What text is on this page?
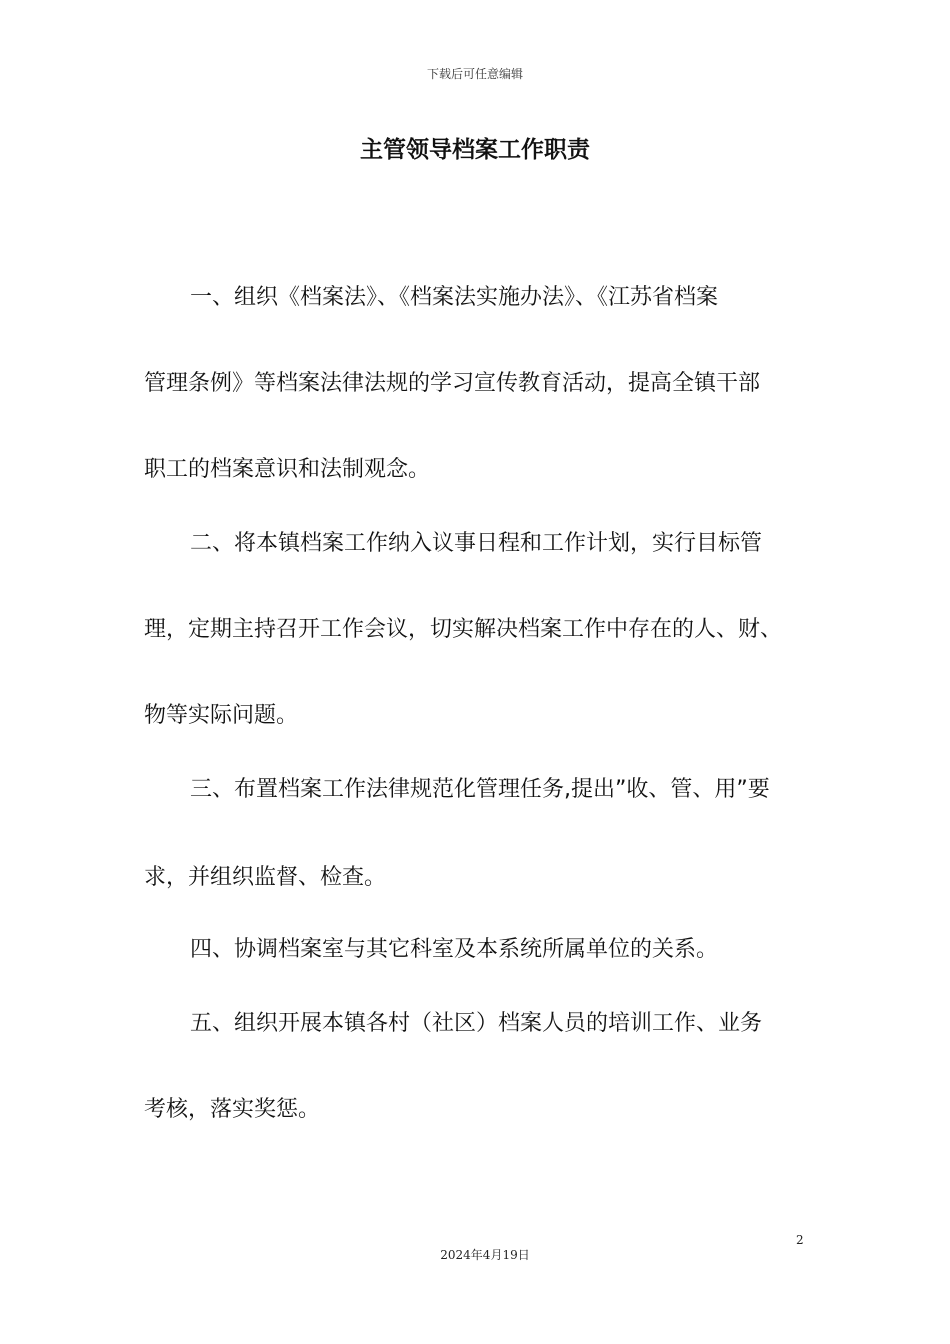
下载后可任意编辑
主管领导档案工作职责
一、组织《档案法》、《档案法实施办法》、《江苏省档案
管理条例》等档案法律法规的学习宣传教育活动，提高全镇干部
职工的档案意识和法制观念。
二、将本镇档案工作纳入议事日程和工作计划，实行目标管
理，定期主持召开工作会议，切实解决档案工作中存在的人、财、
物等实际问题。
三、布置档案工作法律规范化管理任务,提出”收、管、用”要
求，并组织监督、检查。
四、协调档案室与其它科室及本系统所属单位的关系。
五、组织开展本镇各村（社区）档案人员的培训工作、业务
考核，落实奖惩。
2
2024年4月19日
